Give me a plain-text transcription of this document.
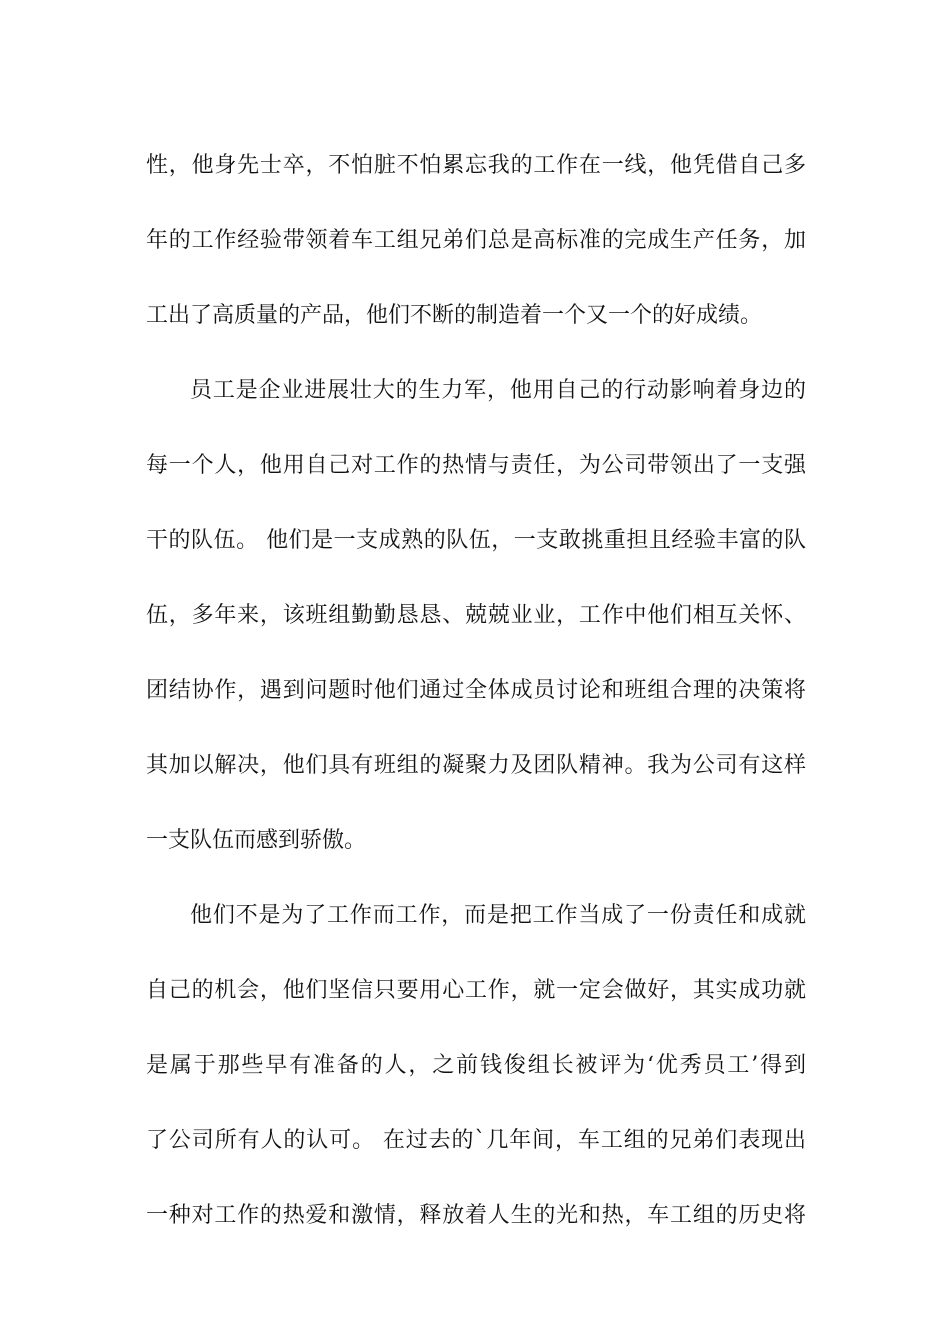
性，他身先士卒，不怕脏不怕累忘我的工作在一线，他凭借自己多
年的工作经验带领着车工组兄弟们总是高标准的完成生产任务，加
工出了高质量的产品，他们不断的制造着一个又一个的好成绩。
员工是企业进展壮大的生力军，他用自己的行动影响着身边的
每一个人，他用自己对工作的热情与责任，为公司带领出了一支强
干的队伍。 他们是一支成熟的队伍，一支敢挑重担且经验丰富的队
伍，多年来，该班组勤勤恳恳、兢兢业业，工作中他们相互关怀、
团结协作，遇到问题时他们通过全体成员讨论和班组合理的决策将
其加以解决，他们具有班组的凝聚力及团队精神。我为公司有这样
一支队伍而感到骄傲。
他们不是为了工作而工作，而是把工作当成了一份责任和成就
自己的机会，他们坚信只要用心工作，就一定会做好，其实成功就
是属于那些早有准备的人，之前钱俊组长被评为‘优秀员工’得到
了公司所有人的认可。 在过去的`几年间，车工组的兄弟们表现出
一种对工作的热爱和激情，释放着人生的光和热，车工组的历史将
